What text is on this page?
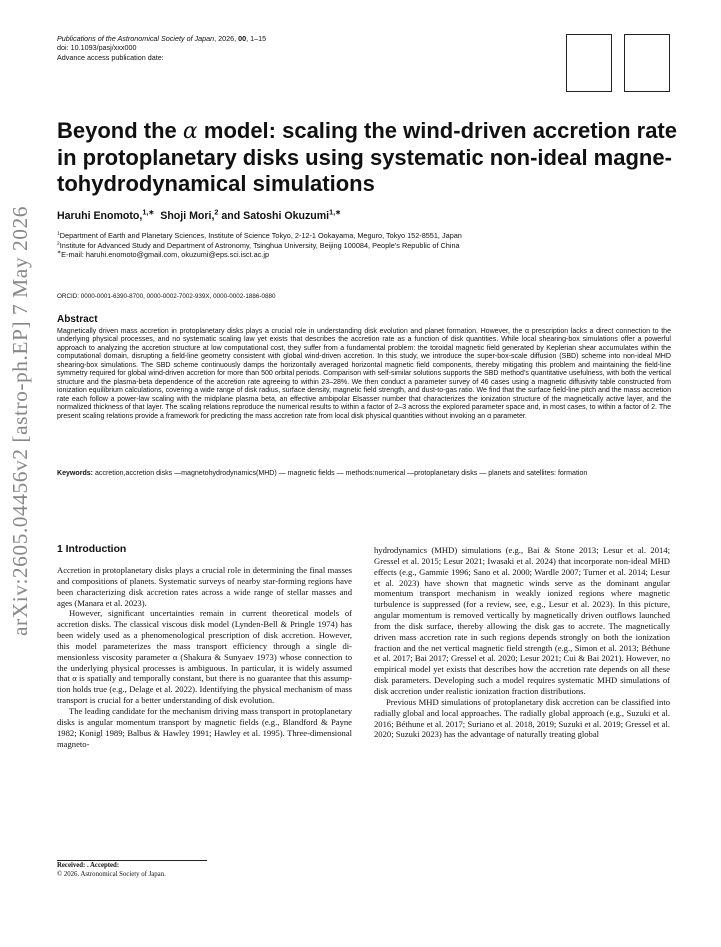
Publications of the Astronomical Society of Japan, 2026, 00, 1–15
doi: 10.1093/pasj/xxx000
Advance access publication date:
arXiv:2605.04456v2 [astro-ph.EP] 7 May 2026
Beyond the α model: scaling the wind-driven accretion rate in protoplanetary disks using systematic non-ideal magnetohydrodynamical simulations
Haruhi Enomoto,$^{1,∗}$ Shoji Mori,$^2$ and Satoshi Okuzumi$^{1,∗}$
$^1$Department of Earth and Planetary Sciences, Institute of Science Tokyo, 2-12-1 Ookayama, Meguro, Tokyo 152-8551, Japan
$^2$Institute for Advanced Study and Department of Astronomy, Tsinghua University, Beijing 100084, People’s Republic of China
∗E-mail: haruhi.enomoto@gmail.com, okuzumi@eps.sci.isct.ac.jp
ORCID: 0000-0001-6390-8700, 0000-0002-7002-939X, 0000-0002-1886-0880
Abstract
Magnetically driven mass accretion in protoplanetary disks plays a crucial role in understanding disk evolution and planet formation. However, the α prescription lacks a direct connection to the underlying physical processes, and no systematic scaling law yet exists that describes the accretion rate as a function of disk quantities. While local shearing-box simulations offer a powerful approach to analyzing the accretion structure at low computational cost, they suffer from a fundamental problem: the toroidal magnetic field generated by Keplerian shear accumulates within the computational domain, disrupting a field-line geometry consistent with global wind-driven accretion. In this study, we introduce the super-box-scale diffusion (SBD) scheme into non-ideal MHD shearing-box simulations. The SBD scheme continuously damps the horizontally averaged horizontal magnetic field components, thereby mitigating this problem and maintaining the field-line symmetry required for global wind-driven accretion for more than 500 orbital periods. Comparison with self-similar solutions supports the SBD method’s quantitative usefulness, with both the vertical structure and the plasma-beta dependence of the accretion rate agreeing to within 23–28%. We then conduct a parameter survey of 46 cases using a magnetic diffusivity table constructed from ionization equilibrium calculations, covering a wide range of disk radius, surface density, magnetic field strength, and dust-to-gas ratio. We find that the surface field-line pitch and the mass accretion rate each follow a power-law scaling with the midplane plasma beta, an effective ambipolar Elsasser number that characterizes the ionization structure of the magnetically active layer, and the normalized thickness of that layer. The scaling relations reproduce the numerical results to within a factor of 2–3 across the explored parameter space and, in most cases, to within a factor of 2. The present scaling relations provide a framework for predicting the mass accretion rate from local disk physical quantities without invoking an α parameter.
Keywords: accretion,accretion disks —magnetohydrodynamics(MHD) — magnetic fields — methods:numerical —protoplanetary disks — planets and satellites: formation
1 Introduction

Accretion in protoplanetary disks plays a crucial role in determining the final masses and compositions of planets. Systematic surveys of nearby star-forming regions have been characterizing disk accretion rates across a wide range of stellar masses and ages (Manara et al. 2023).

However, significant uncertainties remain in current theoretical models of accretion disks. The classical viscous disk model (Lynden-Bell & Pringle 1974) has been widely used as a phenomenological prescription of disk accretion. However, this model parameterizes the mass transport efficiency through a single dimensionless viscosity parameter α (Shakura & Sunyaev 1973) whose connection to the underlying physical processes is ambiguous. In particular, it is widely assumed that α is spatially and temporally constant, but there is no guarantee that this assumption holds true (e.g., Delage et al. 2022). Identifying the physical mechanism of mass transport is crucial for a better understanding of disk evolution.

The leading candidate for the mechanism driving mass transport in protoplanetary disks is angular momentum transport by magnetic fields (e.g., Blandford & Payne 1982; Konigl 1989; Balbus & Hawley 1991; Hawley et al. 1995). Three-dimensional magneto-

hydrodynamics (MHD) simulations (e.g., Bai & Stone 2013; Lesur et al. 2014; Gressel et al. 2015; Lesur 2021; Iwasaki et al. 2024) that incorporate non-ideal MHD effects (e.g., Gammie 1996; Sano et al. 2000; Wardle 2007; Turner et al. 2014; Lesur et al. 2023) have shown that magnetic winds serve as the dominant angular momentum transport mechanism in weakly ionized regions where magnetic turbulence is suppressed (for a review, see, e.g., Lesur et al. 2023). In this picture, angular momentum is removed vertically by magnetically driven outflows launched from the disk surface, thereby allowing the disk gas to accrete. The magnetically driven mass accretion rate in such regions depends strongly on both the ionization fraction and the net vertical magnetic field strength (e.g., Simon et al. 2013; Béthune et al. 2017; Bai 2017; Gressel et al. 2020; Lesur 2021; Cui & Bai 2021). However, no empirical model yet exists that describes how the accretion rate depends on all these disk parameters. Developing such a model requires systematic MHD simulations of disk accretion under realistic ionization fraction distributions.

Previous MHD simulations of protoplanetary disk accretion can be classified into radially global and local approaches. The radially global approach (e.g., Suzuki et al. 2016; Béthune et al. 2017; Suriano et al. 2018, 2019; Suzuki et al. 2019; Gressel et al. 2020; Suzuki 2023) has the advantage of naturally treating global

Received: . Accepted:
© 2026. Astronomical Society of Japan.
